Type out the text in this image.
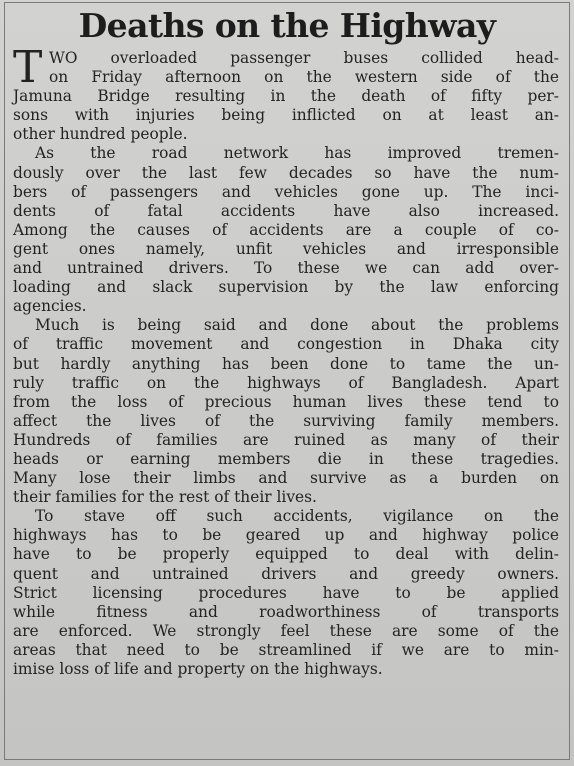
Deaths on the Highway
T WO overloaded passenger buses collided head-
on Friday afternoon on the western side of the
Jamuna Bridge resulting in the death of fifty per-
sons with injuries being inflicted on at least an-
other hundred people.
As the road network has improved tremen-
dously over the last few decades so have the num-
bers of passengers and vehicles gone up. The inci-
dents of fatal accidents have also increased.
Among the causes of accidents are a couple of co-
gent ones namely, unfit vehicles and irresponsible
and untrained drivers. To these we can add over-
loading and slack supervision by the law enforcing
agencies.
Much is being said and done about the problems
of traffic movement and congestion in Dhaka city
but hardly anything has been done to tame the un-
ruly traffic on the highways of Bangladesh. Apart
from the loss of precious human lives these tend to
affect the lives of the surviving family members.
Hundreds of families are ruined as many of their
heads or earning members die in these tragedies.
Many lose their limbs and survive as a burden on
their families for the rest of their lives.
To stave off such accidents, vigilance on the
highways has to be geared up and highway police
have to be properly equipped to deal with delin-
quent and untrained drivers and greedy owners.
Strict licensing procedures have to be applied
while fitness and roadworthiness of transports
are enforced. We strongly feel these are some of the
areas that need to be streamlined if we are to min-
imise loss of life and property on the highways.
